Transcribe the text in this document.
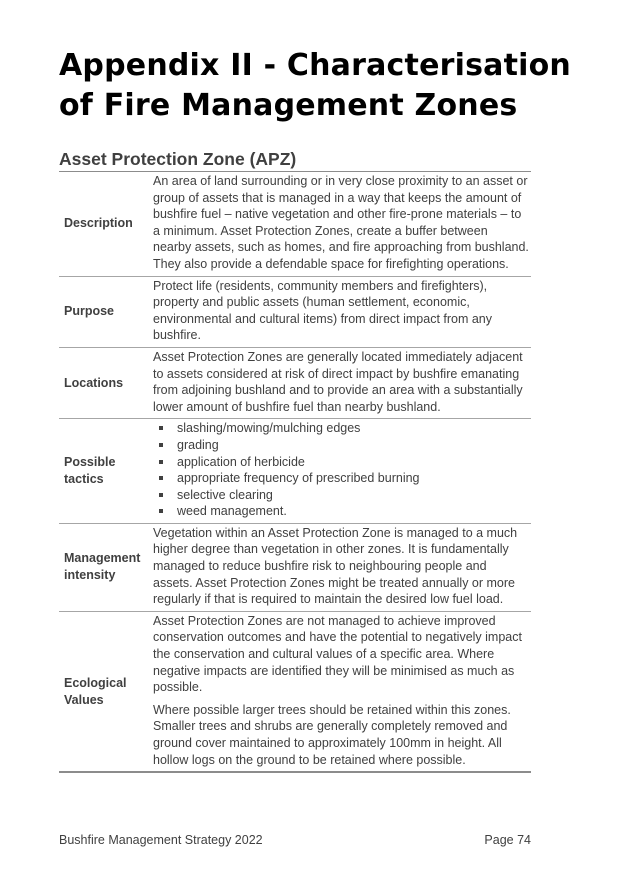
Appendix II - Characterisation of Fire Management Zones
Asset Protection Zone (APZ)
Description

An area of land surrounding or in very close proximity to an asset or group of assets that is managed in a way that keeps the amount of bushfire fuel – native vegetation and other fire-prone materials – to a minimum. Asset Protection Zones, create a buffer between nearby assets, such as homes, and fire approaching from bushland. They also provide a defendable space for firefighting operations.

Purpose

Protect life (residents, community members and firefighters), property and public assets (human settlement, economic, environmental and cultural items) from direct impact from any bushfire.

Locations

Asset Protection Zones are generally located immediately adjacent to assets considered at risk of direct impact by bushfire emanating from adjoining bushland and to provide an area with a substantially lower amount of bushfire fuel than nearby bushland.

Possible tactics
slashing/mowing/mulching edges
grading
application of herbicide
appropriate frequency of prescribed burning
selective clearing
weed management.
Management intensity

Vegetation within an Asset Protection Zone is managed to a much higher degree than vegetation in other zones. It is fundamentally managed to reduce bushfire risk to neighbouring people and assets. Asset Protection Zones might be treated annually or more regularly if that is required to maintain the desired low fuel load.

Ecological Values

Asset Protection Zones are not managed to achieve improved conservation outcomes and have the potential to negatively impact the conservation and cultural values of a specific area. Where negative impacts are identified they will be minimised as much as possible.

Where possible larger trees should be retained within this zones. Smaller trees and shrubs are generally completely removed and ground cover maintained to approximately 100mm in height. All hollow logs on the ground to be retained where possible.

Bushfire Management Strategy 2022	Page 74
